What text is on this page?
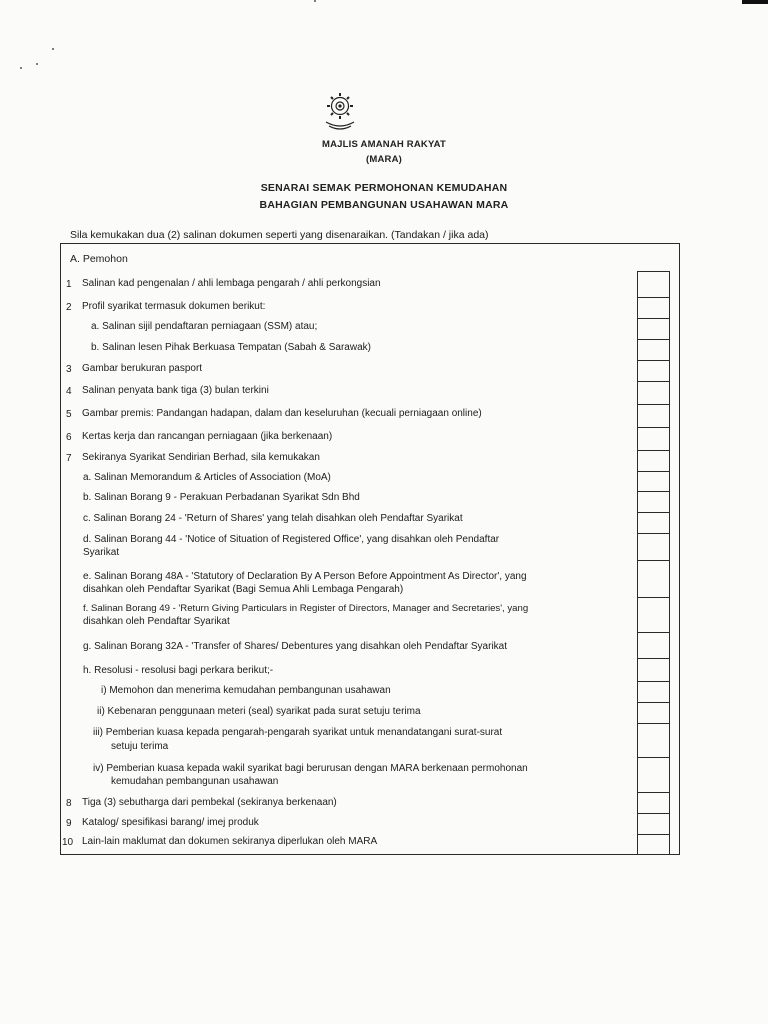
MAJLIS AMANAH RAKYAT
(MARA)
SENARAI SEMAK PERMOHONAN KEMUDAHAN
BAHAGIAN PEMBANGUNAN USAHAWAN MARA
Sila kemukakan dua (2) salinan dokumen seperti yang disenaraikan. (Tandakan / jika ada)
A. Pemohon
1 Salinan kad pengenalan / ahli lembaga pengarah / ahli perkongsian
2 Profil syarikat termasuk dokumen berikut:
a. Salinan sijil pendaftaran perniagaan (SSM) atau;
b. Salinan lesen Pihak Berkuasa Tempatan (Sabah & Sarawak)
3 Gambar berukuran pasport
4 Salinan penyata bank tiga (3) bulan terkini
5 Gambar premis: Pandangan hadapan, dalam dan keseluruhan (kecuali perniagaan online)
6 Kertas kerja dan rancangan perniagaan (jika berkenaan)
7 Sekiranya Syarikat Sendirian Berhad, sila kemukakan
a. Salinan Memorandum & Articles of Association (MoA)
b. Salinan Borang 9 - Perakuan Perbadanan Syarikat Sdn Bhd
c. Salinan Borang 24 - 'Return of Shares' yang telah disahkan oleh Pendaftar Syarikat
d. Salinan Borang 44 - 'Notice of Situation of Registered Office', yang disahkan oleh Pendaftar
Syarikat
e. Salinan Borang 48A - 'Statutory of Declaration By A Person Before Appointment As Director', yang
disahkan oleh Pendaftar Syarikat (Bagi Semua Ahli Lembaga Pengarah)
f. Salinan Borang 49 - 'Return Giving Particulars in Register of Directors, Manager and Secretaries', yang
disahkan oleh Pendaftar Syarikat
g. Salinan Borang 32A - 'Transfer of Shares/ Debentures yang disahkan oleh Pendaftar Syarikat
h. Resolusi - resolusi bagi perkara berikut;-
i) Memohon dan menerima kemudahan pembangunan usahawan
ii) Kebenaran penggunaan meteri (seal) syarikat pada surat setuju terima
iii) Pemberian kuasa kepada pengarah-pengarah syarikat untuk menandatangani surat-surat
setuju terima
iv) Pemberian kuasa kepada wakil syarikat bagi berurusan dengan MARA berkenaan permohonan
kemudahan pembangunan usahawan
8 Tiga (3) sebutharga dari pembekal (sekiranya berkenaan)
9 Katalog/ spesifikasi barang/ imej produk
10 Lain-lain maklumat dan dokumen sekiranya diperlukan oleh MARA
